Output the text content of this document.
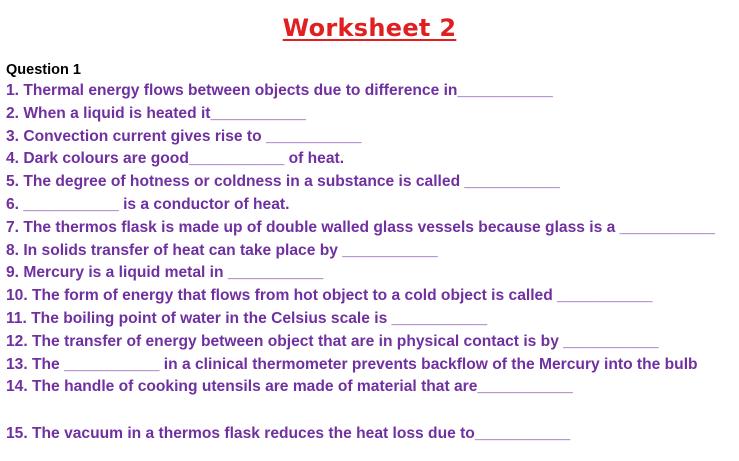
Worksheet 2
Question 1
1. Thermal energy flows between objects due to difference in___________
2. When a liquid is heated it___________
3. Convection current gives rise to ___________
4. Dark colours are good___________ of heat.
5. The degree of hotness or coldness in a substance is called ___________
6. ___________ is a conductor of heat.
7. The thermos flask is made up of double walled glass vessels because glass is a ___________
8. In solids transfer of heat can take place by ___________
9. Mercury is a liquid metal in ___________
10. The form of energy that flows from hot object to a cold object is called ___________
11. The boiling point of water in the Celsius scale is ___________
12. The transfer of energy between object that are in physical contact is by ___________
13. The ___________ in a clinical thermometer prevents backflow of the Mercury into the bulb
14. The handle of cooking utensils are made of material that are___________
15. The vacuum in a thermos flask reduces the heat loss due to___________
